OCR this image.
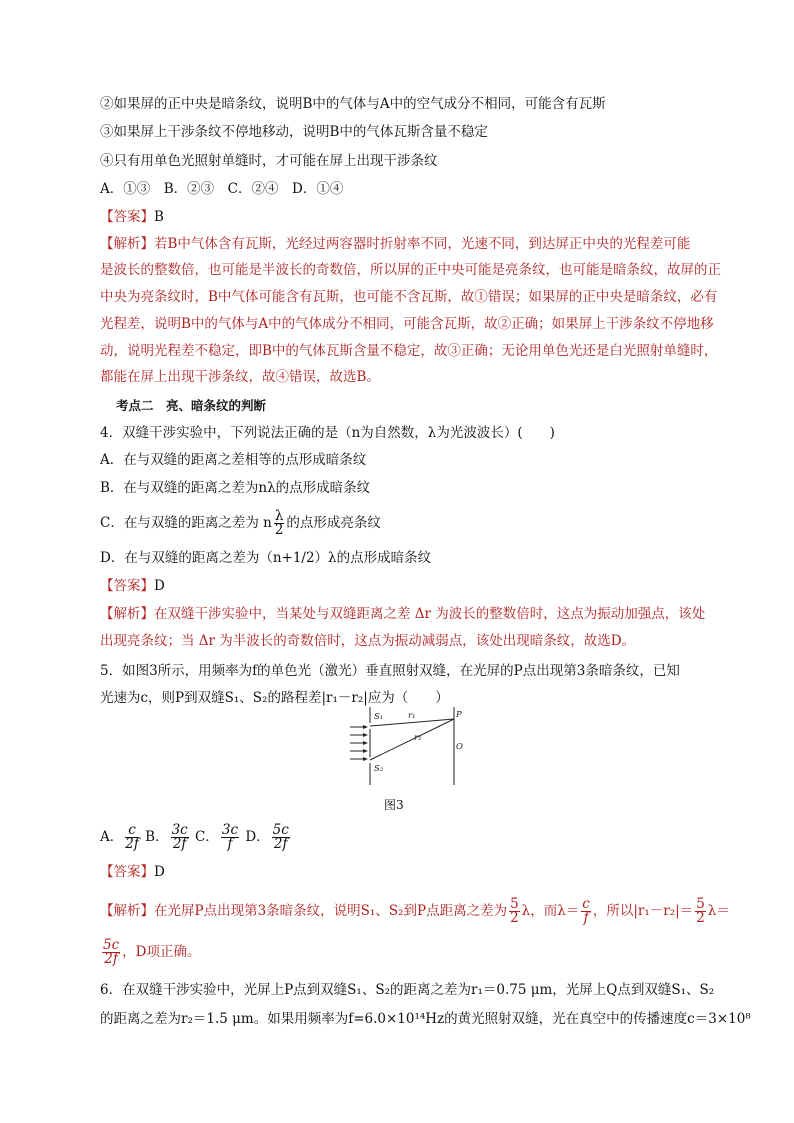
②如果屏的正中央是暗条纹，说明B中的气体与A中的空气成分不相同，可能含有瓦斯
③如果屏上干涉条纹不停地移动，说明B中的气体瓦斯含量不稳定
④只有用单色光照射单缝时，才可能在屏上出现干涉条纹
A．①③　B．②③　C．②④　D．①④
【答案】B
【解析】若B中气体含有瓦斯，光经过两容器时折射率不同，光速不同，到达屏正中央的光程差可能
是波长的整数倍，也可能是半波长的奇数倍，所以屏的正中央可能是亮条纹，也可能是暗条纹，故屏的正
中央为亮条纹时，B中气体可能含有瓦斯，也可能不含瓦斯，故①错误；如果屏的正中央是暗条纹，必有
光程差，说明B中的气体与A中的气体成分不相同，可能含瓦斯，故②正确；如果屏上干涉条纹不停地移
动，说明光程差不稳定，即B中的气体瓦斯含量不稳定，故③正确；无论用单色光还是白光照射单缝时，
都能在屏上出现干涉条纹，故④错误，故选B。
考点二　亮、暗条纹的判断
4．双缝干涉实验中，下列说法正确的是（n为自然数，λ为光波波长）(　　)
A．在与双缝的距离之差相等的点形成暗条纹
B．在与双缝的距离之差为nλ的点形成暗条纹
C．在与双缝的距离之差为 n $\frac{\lambda}{2}$ 的点形成亮条纹
D．在与双缝的距离之差为（n+1/2）λ的点形成暗条纹
【答案】D
【解析】在双缝干涉实验中，当某处与双缝距离之差 Δr 为波长的整数倍时，这点为振动加强点，该处
出现亮条纹；当 Δr 为半波长的奇数倍时，这点为振动减弱点，该处出现暗条纹，故选D。
5．如图3所示，用频率为f的单色光（激光）垂直照射双缝，在光屏的P点出现第3条暗条纹，已知
光速为c，则P到双缝S₁、S₂的路程差|r₁－r₂|应为（　　）
S₁
S₂
r₁
r₂
P
O
图3
A． $\frac{c}{2f}$ B． $\frac{3c}{2f}$ C． $\frac{3c}{f}$ D． $\frac{5c}{2f}$
【答案】D
【解析】在光屏P点出现第3条暗条纹，说明S₁、S₂到P点距离之差为 $\frac{5}{2}$ λ，而$\lambda= \frac{c}{f}$ ，所以$|r_1-r_2|= \frac{5}{2} \lambda=$
$\frac{5c}{2f}$ ，D项正确。
6．在双缝干涉实验中，光屏上P点到双缝S₁、S₂的距离之差为r₁＝0.75 μm，光屏上Q点到双缝S₁、S₂
的距离之差为r₂＝1.5 μm。如果用频率为f=6.0×10¹⁴Hz的黄光照射双缝，光在真空中的传播速度c＝3×10⁸
